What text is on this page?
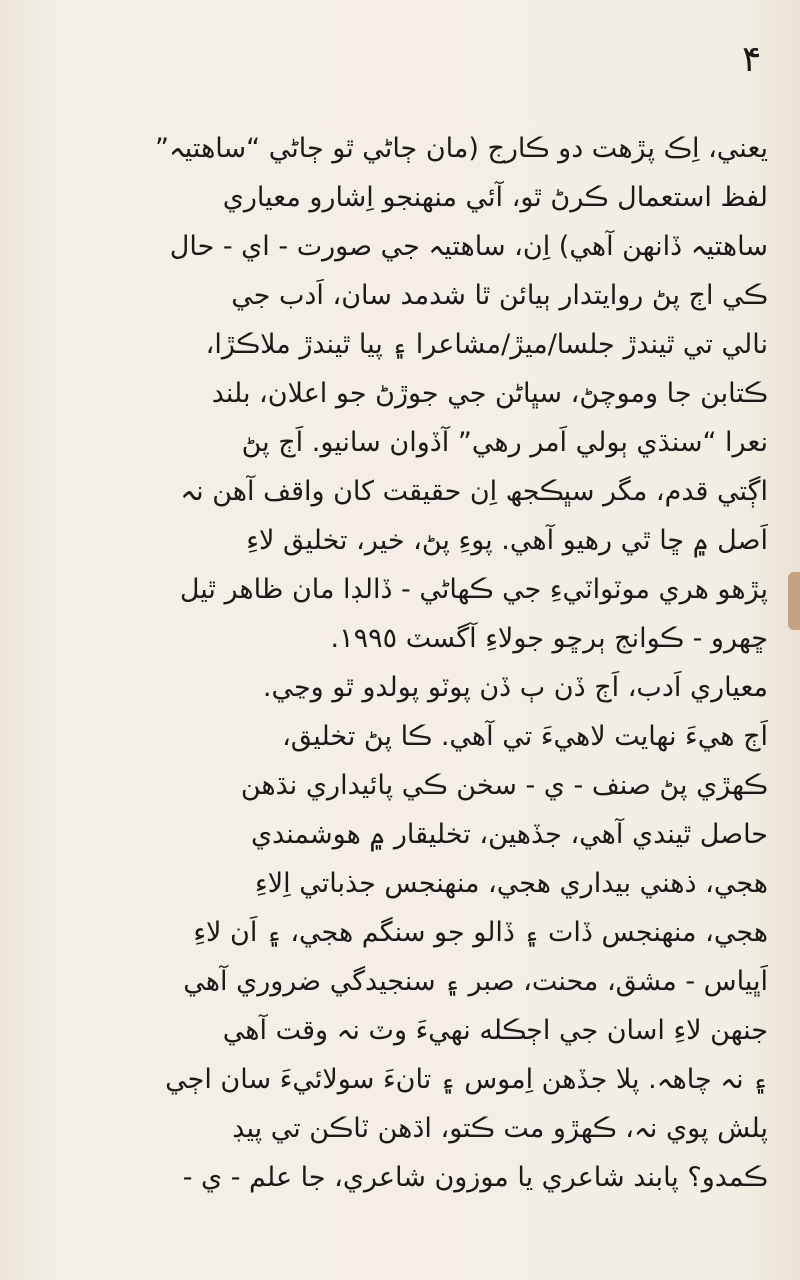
۴
يعني، اِڪ پڙهت دو ڪارج (مان ڄاڻي ٿو ڄاڻي “ساهتيہ”
لفظ استعمال ڪرڻ ٿو، آئي منهنجو اِشارو معياري
ساهتيہ ڏانهن آهي) اِن، ساهتيہ جي صورت - اي - حال
ڪي اڄ پڻ روايتدار ٻيائن ٿا شدمد سان، اَدب جي
نالي تي ٿيندڙ جلسا/ميڙ/مشاعرا ۽ پيا ٿيندڙ ملاڪڙا،
ڪتابن جا وموچڻ، سڀاڻن جي جوڙڻ جو اعلان، بلند
نعرا “سنڌي ٻولي اَمر رهي” آڏوان سانيو. اَڄ پڻ
اڳتي قدم، مگر سڀڪجھ اِن حقيقت کان واقف آهن نہ
اَصل ۾ ڇا ٿي رهيو آهي. پوءِ پڻ، خير، تخليق لاءِ
پڙهو هري موٽواٽيءِ جي ڪهاڻي - ڏالڊا مان ظاهر ٿيل
ڇهرو - ڪوانج ٻرڇو جولاءِ آگسٽ ١٩٩٥.
معياري اَدب، اَڄ ڏن ٻ ڏن پوٽو پولدو ٿو وڃي.
اَڄ هيءَ نهايت لاهيءَ تي آهي. ڪا پڻ تخليق،
ڪهڙي پڻ صنف - ي - سخن ڪي پائيداري نڌهن
حاصل ٿيندي آهي، جڏهين، تخليقار ۾ هوشمندي
هجي، ذهني بيداري هجي، منهنجس جذباتي اِلاءِ
هجي، منهنجس ڏات ۽ ڏالو جو سنگم هجي، ۽ اَن لاءِ
اَڀياس - مشق، محنت، صبر ۽ سنجيدگي ضروري آهي
جنهن لاءِ اسان جي اڄڪله نهيءَ وٽ نہ وقت آهي
۽ نہ چاهہ. پلا جڏهن اِموس ۽ تانءَ سولائيءَ سان اڄي
پلش پوي نہ، ڪهڙو مت ڪتو، اڌهن ٽاڪن تي پيڊ
ڪمدو؟ پابند شاعري يا موزون شاعري، جا علم - ي -
